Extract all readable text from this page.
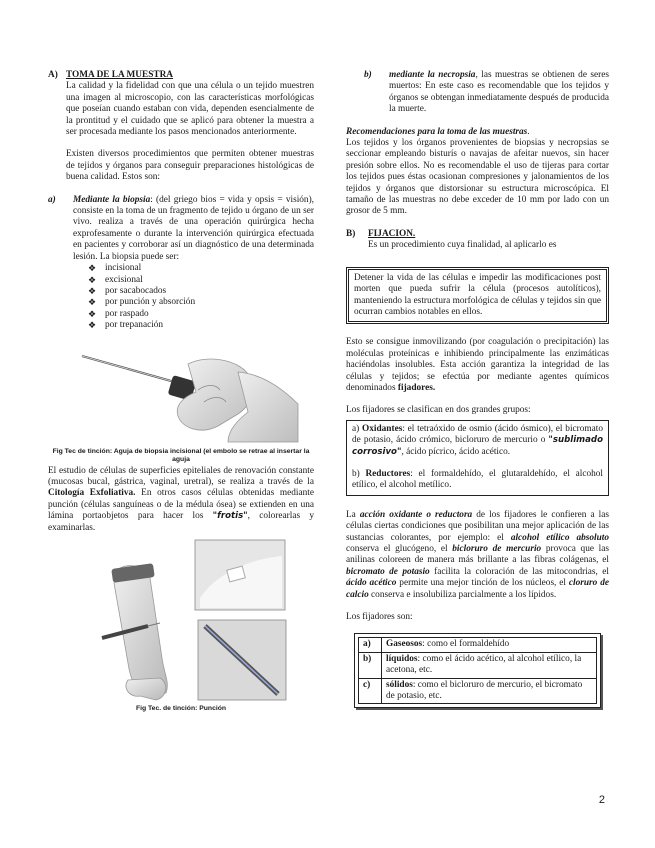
A) TOMA DE LA MUESTRA

La calidad y la fidelidad con que una célula o un tejido muestren una imagen al microscopio, con las características morfológicas que poseían cuando estaban con vida, dependen esencialmente de la prontitud y el cuidado que se aplicó para obtener la muestra a ser procesada mediante los pasos mencionados anteriormente.

Existen diversos procedimientos que permiten obtener muestras de tejidos y órganos para conseguir preparaciones histológicas de buena calidad. Estos son:

a)	Mediante la biopsia: (del griego bios = vida y opsis = visión), consiste en la toma de un fragmento de tejido u órgano de un ser vivo. realiza a través de una operación quirúrgica hecha exprofesamente o durante la intervención quirúrgica efectuada en pacientes y corroborar así un diagnóstico de una determinada lesión. La biopsia puede ser:

❖ incisional
❖ excisional
❖ por sacabocados
❖ por punción y absorción
❖ por raspado
❖ por trepanación
Fig Tec de tinción: Aguja de biopsia incisional (el embolo se retrae al insertar la aguja

El estudio de células de superficies epiteliales de renovación constante (mucosas bucal, gástrica, vaginal, uretral), se realiza a través de la Citología Exfoliativa. En otros casos células obtenidas mediante punción (células sanguíneas o de la médula ósea) se extienden en una lámina portaobjetos para hacer los "frotis", colorearlas y examinarlas.

Fig Tec. de tinción: Punción
b)	mediante la necropsia, las muestras se obtienen de seres muertos: En este caso es recomendable que los tejidos y órganos se obtengan inmediatamente después de producida la muerte.

Recomendaciones para la toma de las muestras.

Los tejidos y los órganos provenientes de biopsias y necropsias se seccionar empleando bisturís o navajas de afeitar nuevos, sin hacer presión sobre ellos. No es recomendable el uso de tijeras para cortar los tejidos pues éstas ocasionan compresiones y jalonamientos de los tejidos y órganos que distorsionar su estructura microscópica. El tamaño de las muestras no debe exceder de 10 mm por lado con un grosor de 5 mm.

B)	FIJACION.

Es un procedimiento cuya finalidad, al aplicarlo es

Detener la vida de las células e impedir las modificaciones post morten que pueda sufrir la célula (procesos autolíticos), manteniendo la estructura morfológica de células y tejidos sin que ocurran cambios notables en ellos.

Esto se consigue inmovilizando (por coagulación o precipitación) las moléculas proteínicas e inhibiendo principalmente las enzimáticas haciéndolas insolubles. Esta acción garantiza la integridad de las células y tejidos; se efectúa por mediante agentes químicos denominados fijadores.

Los fijadores se clasifican en dos grandes grupos:

a) Oxidantes: el tetraóxido de osmio (ácido ósmico), el bicromato de potasio, ácido crómico, bicloruro de mercurio o "sublimado corrosivo", ácido pícrico, ácido acético.

b) Reductores: el formaldehído, el glutaraldehído, el alcohol etílico, el alcohol metílico.

La acción oxidante o reductora de los fijadores le confieren a las células ciertas condiciones que posibilitan una mejor aplicación de las sustancias colorantes, por ejemplo: el alcohol etílico absoluto conserva el glucógeno, el bicloruro de mercurio provoca que las anilinas coloreen de manera más brillante a las fibras colágenas, el bicromato de potasio facilita la coloración de las mitocondrias, el ácido acético permite una mejor tinción de los núcleos, el cloruro de calcio conserva e insolubiliza parcialmente a los lípidos.

Los fijadores son:

a)	Gaseosos: como el formaldehído
b)	líquidos: como el ácido acético, al alcohol etílico, la acetona, etc.
c)	sólidos: como el bicloruro de mercurio, el bicromato de potasio, etc.
2
